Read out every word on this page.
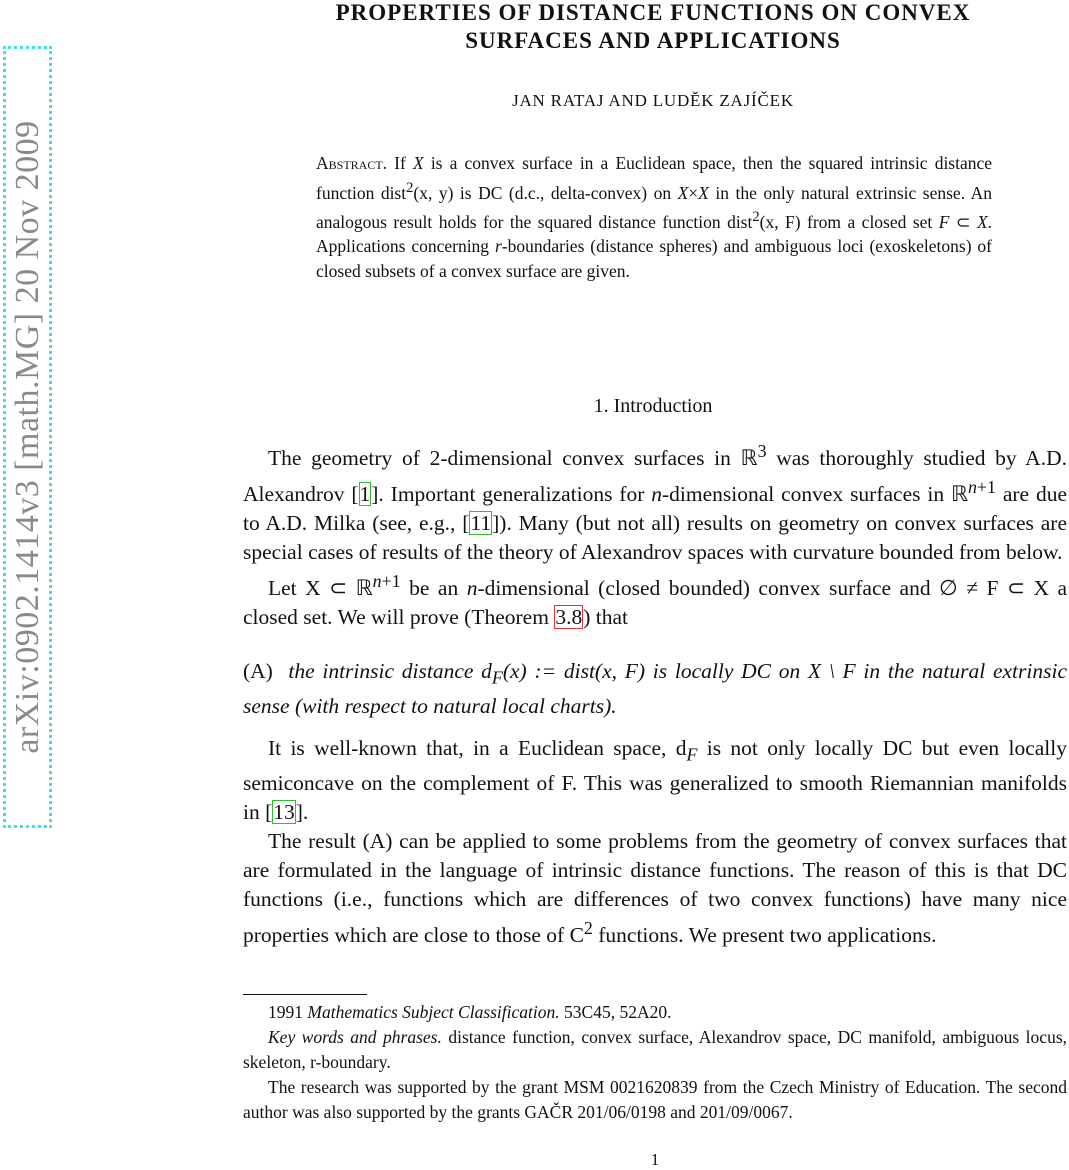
arXiv:0902.1414v3 [math.MG] 20 Nov 2009
PROPERTIES OF DISTANCE FUNCTIONS ON CONVEX
SURFACES AND APPLICATIONS
JAN RATAJ AND LUDĚK ZAJÍČEK
Abstract. If X is a convex surface in a Euclidean space, then the squared intrinsic distance function dist$^2$(x, y) is DC (d.c., delta-convex) on X×X in the only natural extrinsic sense. An analogous result holds for the squared distance function dist$^2$(x, F) from a closed set F ⊂ X. Applications concerning r-boundaries (distance spheres) and ambiguous loci (exoskeletons) of closed subsets of a convex surface are given.
1. Introduction

The geometry of 2-dimensional convex surfaces in ℝ$^3$ was thoroughly studied by A.D. Alexandrov [1]. Important generalizations for n-dimensional convex surfaces in ℝ$^{n+1}$ are due to A.D. Milka (see, e.g., [11]). Many (but not all) results on geometry on convex surfaces are special cases of results of the theory of Alexandrov spaces with curvature bounded from below.

Let X ⊂ ℝ$^{n+1}$ be an n-dimensional (closed bounded) convex surface and ∅ ≠ F ⊂ X a closed set. We will prove (Theorem 3.8) that

(A) the intrinsic distance $d_F(x)$ := dist(x, F) is locally DC on X \ F in the natural extrinsic sense (with respect to natural local charts).

It is well-known that, in a Euclidean space, $d_F$ is not only locally DC but even locally semiconcave on the complement of F. This was generalized to smooth Riemannian manifolds in [13].

The result (A) can be applied to some problems from the geometry of convex surfaces that are formulated in the language of intrinsic distance functions. The reason of this is that DC functions (i.e., functions which are differences of two convex functions) have many nice properties which are close to those of $C^2$ functions. We present two applications.

1991 Mathematics Subject Classification. 53C45, 52A20.

Key words and phrases. distance function, convex surface, Alexandrov space, DC manifold, ambiguous locus, skeleton, r-boundary.

The research was supported by the grant MSM 0021620839 from the Czech Ministry of Education. The second author was also supported by the grants GAČR 201/06/0198 and 201/09/0067.

1
